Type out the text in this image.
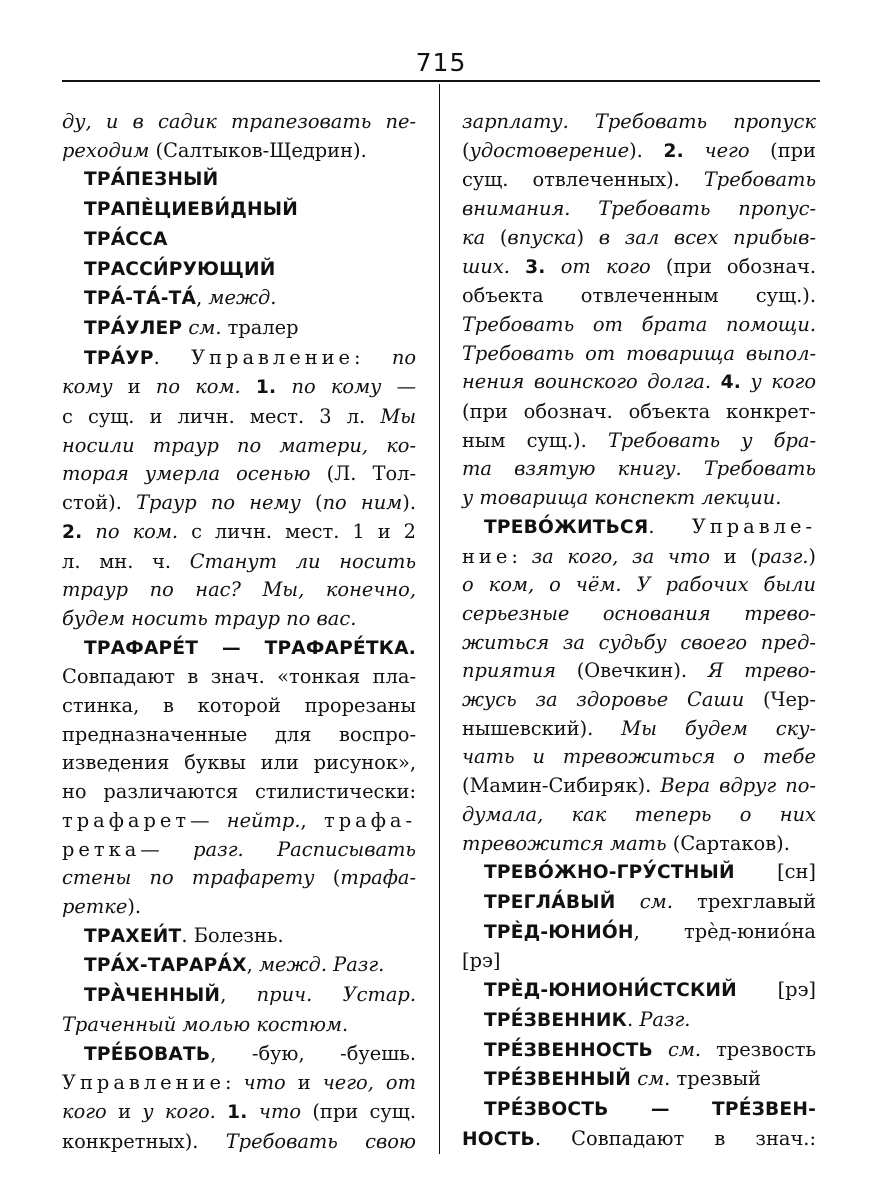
715
ду, и в садик трапезовать пе-
реходим (Салтыков-Щедрин).
ТРА́ПЕЗНЫЙ
ТРАПЀЦИЕВИ́ДНЫЙ
ТРА́ССА
ТРАССИ́РУЮЩИЙ
ТРА́-ТА́-ТА́, межд.
ТРА́УЛЕР см. тралер
ТРА́УР. Управление: по
кому и по ком. 1. по кому —
с сущ. и личн. мест. 3 л. Мы
носили траур по матери, ко-
торая умерла осенью (Л. Тол-
стой). Траур по нему (по ним).
2. по ком. с личн. мест. 1 и 2
л. мн. ч. Станут ли носить
траур по нас? Мы, конечно,
будем носить траур по вас.
ТРАФАРЕ́Т — ТРАФАРЕ́ТКА.
Совпадают в знач. «тонкая пла-
стинка, в которой прорезаны
предназначенные для воспро-
изведения буквы или рисунок»,
но различаются стилистически:
трафарет— нейтр., трафа-
ретка— разг. Расписывать
стены по трафарету (трафа-
ретке).
ТРАХЕИ́Т. Болезнь.
ТРА́Х-ТАРАРА́Х, межд. Разг.
ТРА̀ЧЕННЫЙ, прич. Устар.
Траченный молью костюм.
ТРЕ́БОВАТЬ, -бую, -буешь.
Управление: что и чего, от
кого и у кого. 1. что (при сущ.
конкретных). Требовать свою
зарплату. Требовать пропуск
(удостоверение). 2. чего (при
сущ. отвлеченных). Требовать
внимания. Требовать пропус-
ка (впуска) в зал всех прибыв-
ших. 3. от кого (при обознач.
объекта отвлеченным сущ.).
Требовать от брата помощи.
Требовать от товарища выпол-
нения воинского долга. 4. у кого
(при обознач. объекта конкрет-
ным сущ.). Требовать у бра-
та взятую книгу. Требовать
у товарища конспект лекции.
ТРЕВО́ЖИТЬСЯ. Управле-
ние: за кого, за что и (разг.)
о ком, о чём. У рабочих были
серьезные основания трево-
житься за судьбу своего пред-
приятия (Овечкин). Я трево-
жусь за здоровье Саши (Чер-
нышевский). Мы будем ску-
чать и тревожиться о тебе
(Мамин-Сибиряк). Вера вдруг по-
думала, как теперь о них
тревожится мать (Сартаков).
ТРЕВО́ЖНО-ГРУ́СТНЫЙ [сн]
ТРЕГЛА́ВЫЙ см. трехглавый
ТРЀД-ЮНИО́Н, трѐд-юнио́на
[рэ]
ТРЀД-ЮНИОНИ́СТСКИЙ [рэ]
ТРЕ́ЗВЕННИК. Разг.
ТРЕ́ЗВЕННОСТЬ см. трезвость
ТРЕ́ЗВЕННЫЙ см. трезвый
ТРЕ́ЗВОСТЬ — ТРЕ́ЗВЕН-
НОСТЬ. Совпадают в знач.:
